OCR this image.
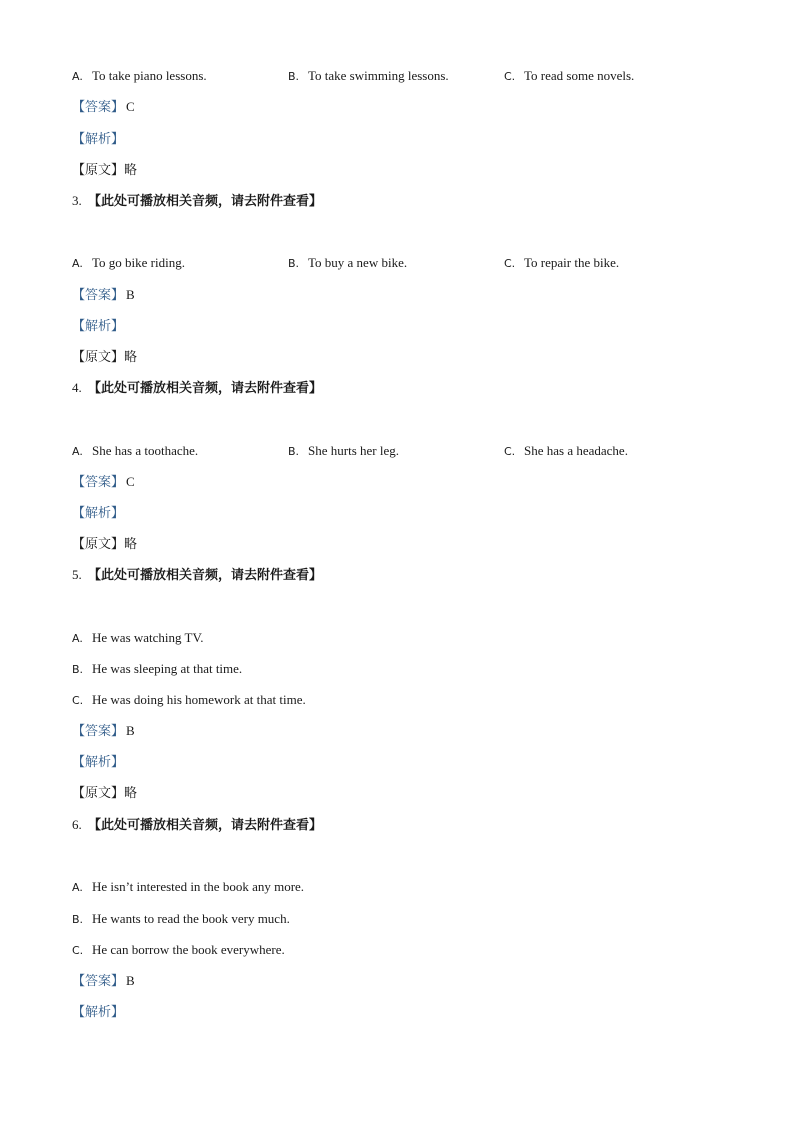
A. To take piano lessons.	B. To take swimming lessons.	C. To read some novels.
【答案】 C
【解析】
【原文】略
3. 【此处可播放相关音频，请去附件查看】
A. To go bike riding.	B. To buy a new bike.	C. To repair the bike.
【答案】 B
【解析】
【原文】略
4. 【此处可播放相关音频，请去附件查看】
A. She has a toothache.	B. She hurts her leg.	C. She has a headache.
【答案】 C
【解析】
【原文】略
5. 【此处可播放相关音频，请去附件查看】
A. He was watching TV.
B. He was sleeping at that time.
C. He was doing his homework at that time.
【答案】 B
【解析】
【原文】略
6. 【此处可播放相关音频，请去附件查看】
A. He isn’t interested in the book any more.
B. He wants to read the book very much.
C. He can borrow the book everywhere.
【答案】 B
【解析】
